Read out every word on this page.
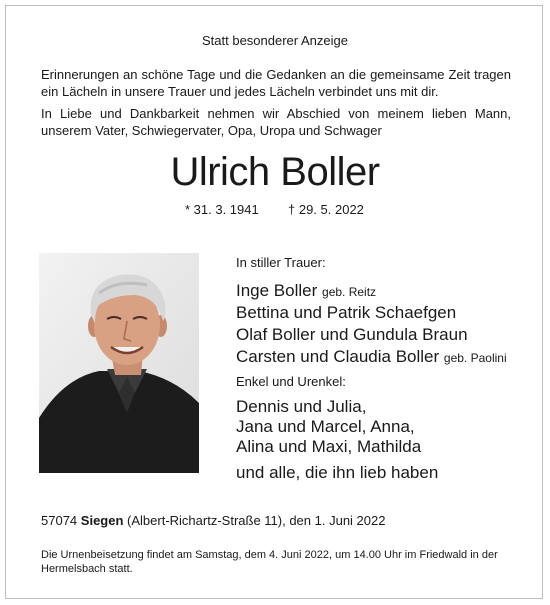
Statt besonderer Anzeige

Erinnerungen an schöne Tage und die Gedanken an die gemeinsame Zeit tragen ein Lächeln in unsere Trauer und jedes Lächeln verbindet uns mit dir.

In Liebe und Dankbarkeit nehmen wir Abschied von meinem lieben Mann,
unserem Vater, Schwiegervater, Opa, Uropa und Schwager

Ulrich Boller

* 31. 3. 1941 † 29. 5. 2022

In stiller Trauer:

Inge Boller geb. Reitz

Bettina und Patrik Schaefgen

Olaf Boller und Gundula Braun

Carsten und Claudia Boller geb. Paolini

Enkel und Urenkel:

Dennis und Julia,

Jana und Marcel, Anna,

Alina und Maxi, Mathilda

und alle, die ihn lieb haben

57074 Siegen (Albert-Richartz-Straße 11), den 1. Juni 2022

Die Urnenbeisetzung findet am Samstag, dem 4. Juni 2022, um 14.00 Uhr im Friedwald in der Hermelsbach statt.
